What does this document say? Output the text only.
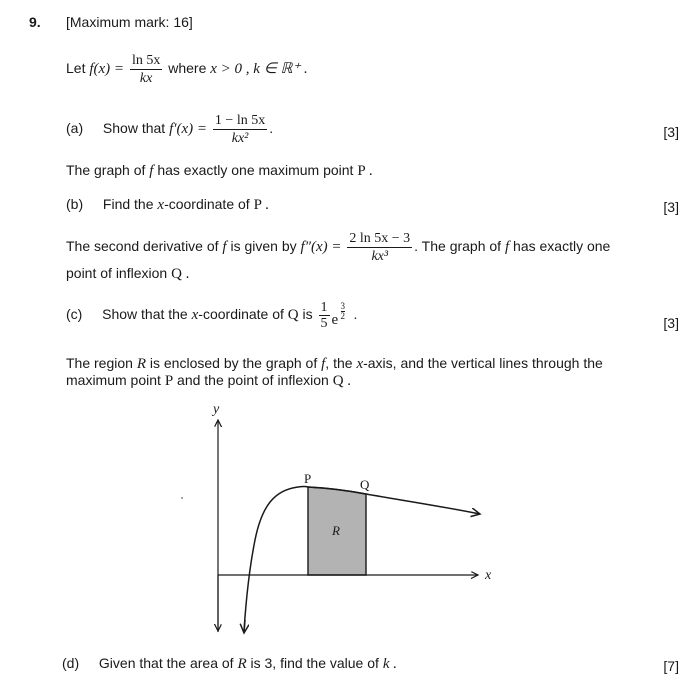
9. [Maximum mark: 16]
Let $f(x) = \frac{\ln 5x}{kx}$ where x > 0 , k ∈ ℝ⁺ .
(a) Show that $f'(x) = \frac{1 - \ln 5x}{\text{kx²}}$ .	[3]
The graph of f has exactly one maximum point P .
(b) Find the x-coordinate of P .	[3]
The second derivative of f is given by $f''(x) = \frac{2 \ln 5x - 3}{\text{kx³}}$ . The graph of f has exactly one
point of inflexion Q .
(c) Show that the x-coordinate of Q is $\frac{1}{5}$ e $\frac{3}{2}$ .
[3]
The region R is enclosed by the graph of f, the x-axis, and the vertical lines through the
maximum point P and the point of inflexion Q .
y
x
P	Q
R
(d) Given that the area of R is 3, find the value of k .	[7]
